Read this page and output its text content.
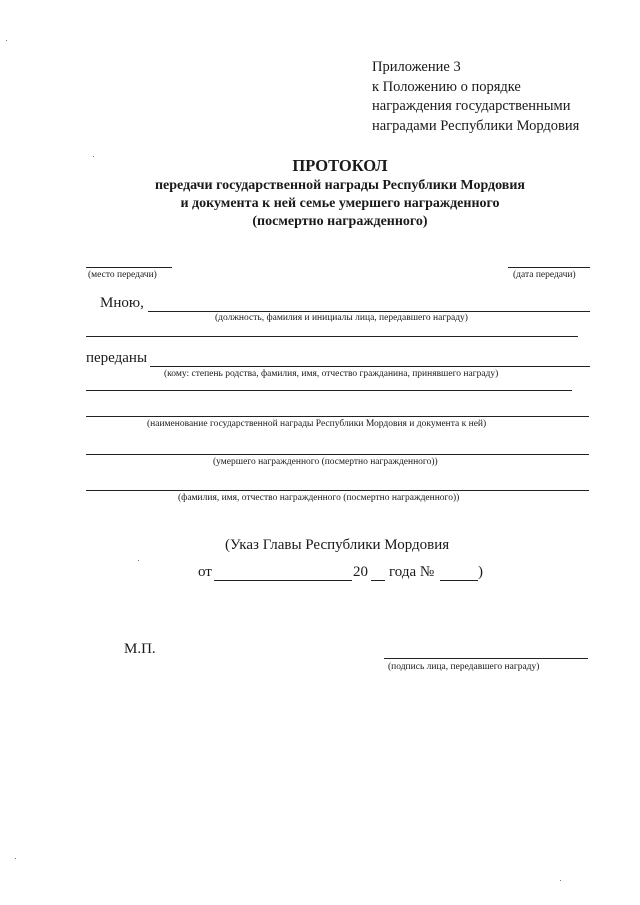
Приложение 3
к Положению о порядке
награждения государственными
наградами Республики Мордовия
ПРОТОКОЛ
передачи государственной награды Республики Мордовия
и документа к ней семье умершего награжденного
(посмертно награжденного)
(место передачи)	(дата передачи)
Мною,
(должность, фамилия и инициалы лица, передавшего награду)
переданы
(кому: степень родства, фамилия, имя, отчество гражданина, принявшего награду)
(наименование государственной награды Республики Мордовия и документа к ней)
(умершего награжденного (посмертно награжденного))
(фамилия, имя, отчество награжденного (посмертно награжденного))
(Указ Главы Республики Мордовия
от	20 года №	)
М.П.
(подпись лица, передавшего награду)
